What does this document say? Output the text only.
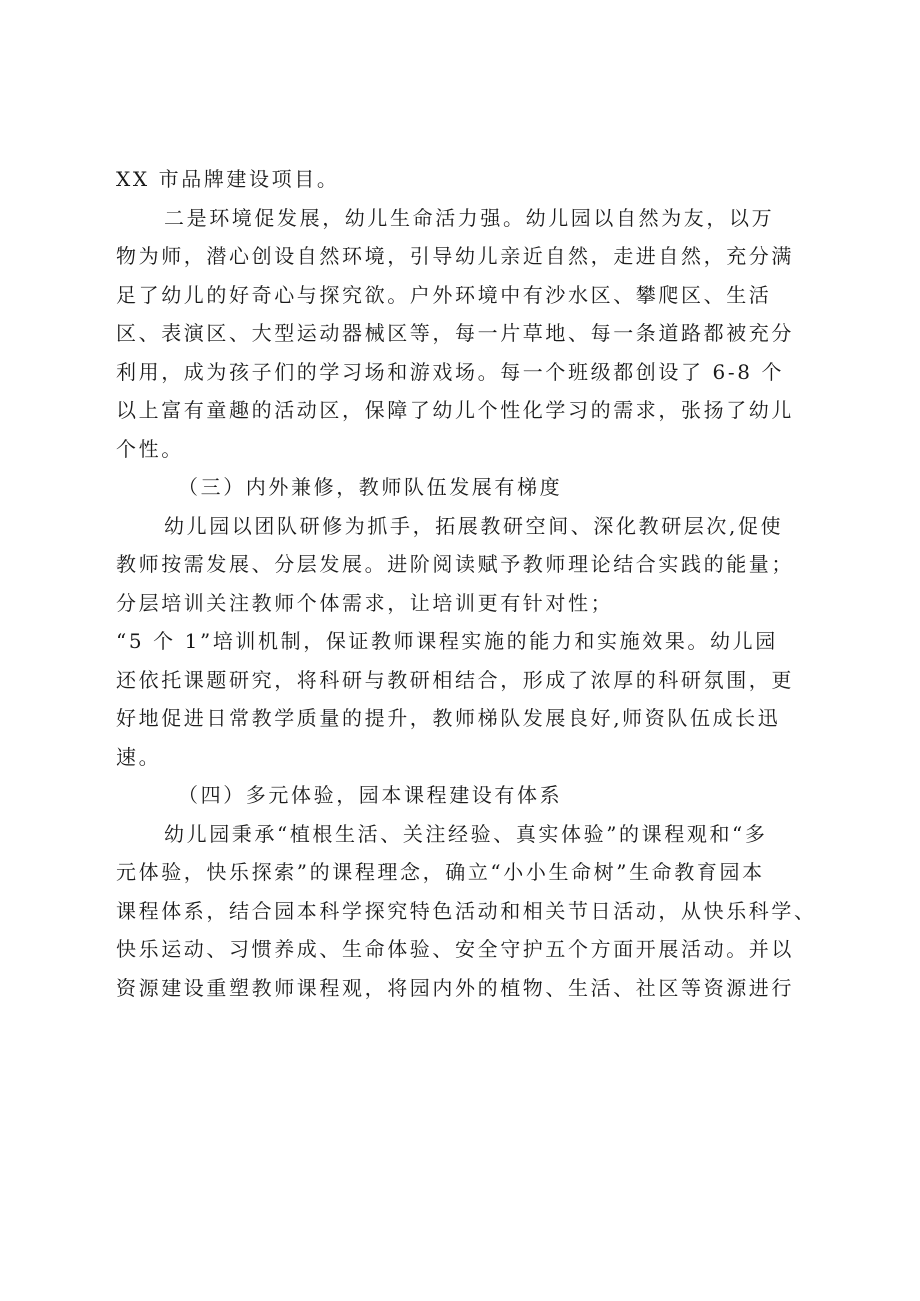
XX 市品牌建设项目。
二是环境促发展，幼儿生命活力强。幼儿园以自然为友，以万
物为师，潜心创设自然环境，引导幼儿亲近自然，走进自然，充分满
足了幼儿的好奇心与探究欲。户外环境中有沙水区、攀爬区、生活
区、表演区、大型运动器械区等，每一片草地、每一条道路都被充分
利用，成为孩子们的学习场和游戏场。每一个班级都创设了 6-8 个
以上富有童趣的活动区，保障了幼儿个性化学习的需求，张扬了幼儿
个性。
（三）内外兼修，教师队伍发展有梯度
幼儿园以团队研修为抓手，拓展教研空间、深化教研层次,促使
教师按需发展、分层发展。进阶阅读赋予教师理论结合实践的能量；
分层培训关注教师个体需求，让培训更有针对性；
“5 个 1”培训机制，保证教师课程实施的能力和实施效果。幼儿园
还依托课题研究，将科研与教研相结合，形成了浓厚的科研氛围，更
好地促进日常教学质量的提升，教师梯队发展良好,师资队伍成长迅
速。
（四）多元体验，园本课程建设有体系
幼儿园秉承“植根生活、关注经验、真实体验”的课程观和“多
元体验，快乐探索”的课程理念，确立“小小生命树”生命教育园本
课程体系，结合园本科学探究特色活动和相关节日活动，从快乐科学、
快乐运动、习惯养成、生命体验、安全守护五个方面开展活动。并以
资源建设重塑教师课程观，将园内外的植物、生活、社区等资源进行
